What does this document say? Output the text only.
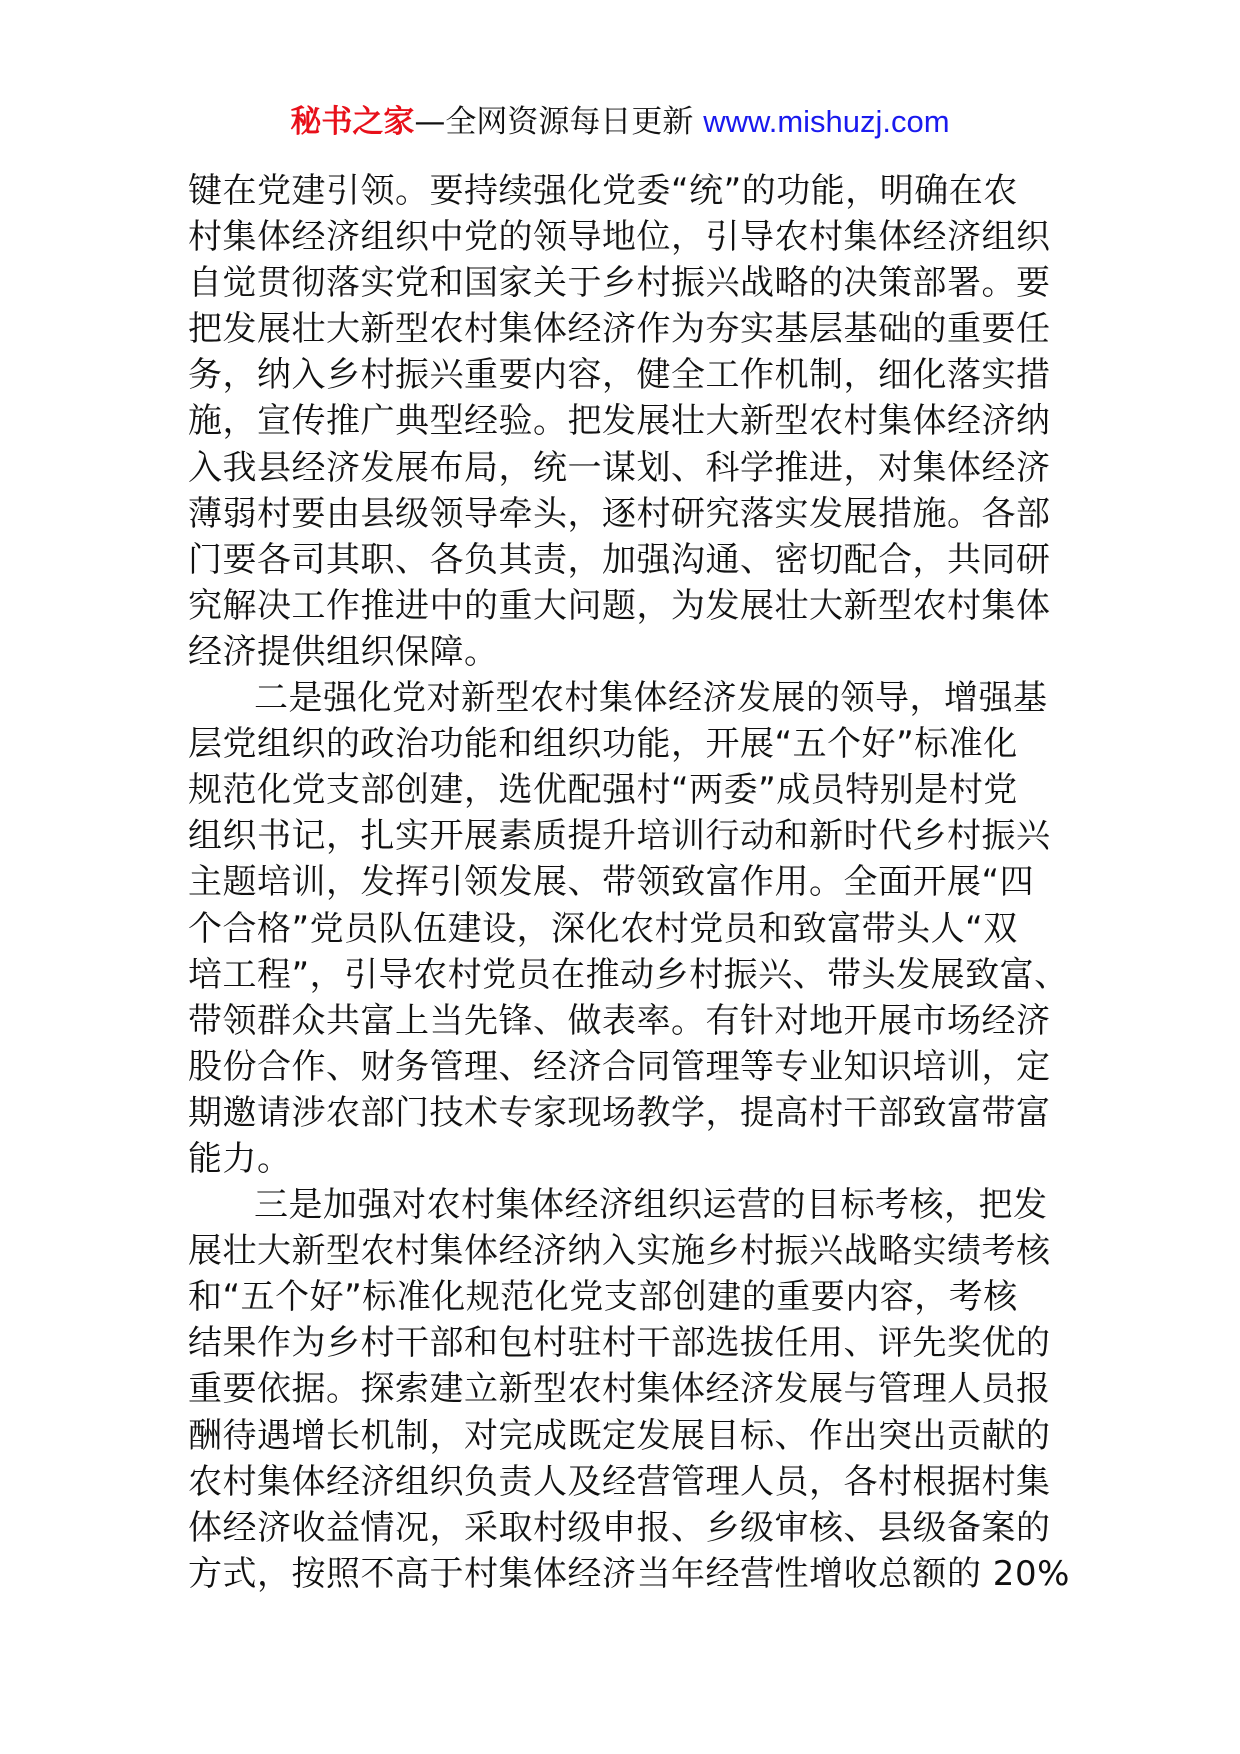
秘书之家—全网资源每日更新 www.mishuzj.com
键在党建引领。要持续强化党委“统”的功能，明确在农
村集体经济组织中党的领导地位，引导农村集体经济组织
自觉贯彻落实党和国家关于乡村振兴战略的决策部署。要
把发展壮大新型农村集体经济作为夯实基层基础的重要任
务，纳入乡村振兴重要内容，健全工作机制，细化落实措
施，宣传推广典型经验。把发展壮大新型农村集体经济纳
入我县经济发展布局，统一谋划、科学推进，对集体经济
薄弱村要由县级领导牵头，逐村研究落实发展措施。各部
门要各司其职、各负其责，加强沟通、密切配合，共同研
究解决工作推进中的重大问题，为发展壮大新型农村集体
经济提供组织保障。
二是强化党对新型农村集体经济发展的领导，增强基
层党组织的政治功能和组织功能，开展“五个好”标准化
规范化党支部创建，选优配强村“两委”成员特别是村党
组织书记，扎实开展素质提升培训行动和新时代乡村振兴
主题培训，发挥引领发展、带领致富作用。全面开展“四
个合格”党员队伍建设，深化农村党员和致富带头人“双
培工程”，引导农村党员在推动乡村振兴、带头发展致富、
带领群众共富上当先锋、做表率。有针对地开展市场经济
股份合作、财务管理、经济合同管理等专业知识培训，定
期邀请涉农部门技术专家现场教学，提高村干部致富带富
能力。
三是加强对农村集体经济组织运营的目标考核，把发
展壮大新型农村集体经济纳入实施乡村振兴战略实绩考核
和“五个好”标准化规范化党支部创建的重要内容，考核
结果作为乡村干部和包村驻村干部选拔任用、评先奖优的
重要依据。探索建立新型农村集体经济发展与管理人员报
酬待遇增长机制，对完成既定发展目标、作出突出贡献的
农村集体经济组织负责人及经营管理人员，各村根据村集
体经济收益情况，采取村级申报、乡级审核、县级备案的
方式，按照不高于村集体经济当年经营性增收总额的 20%
